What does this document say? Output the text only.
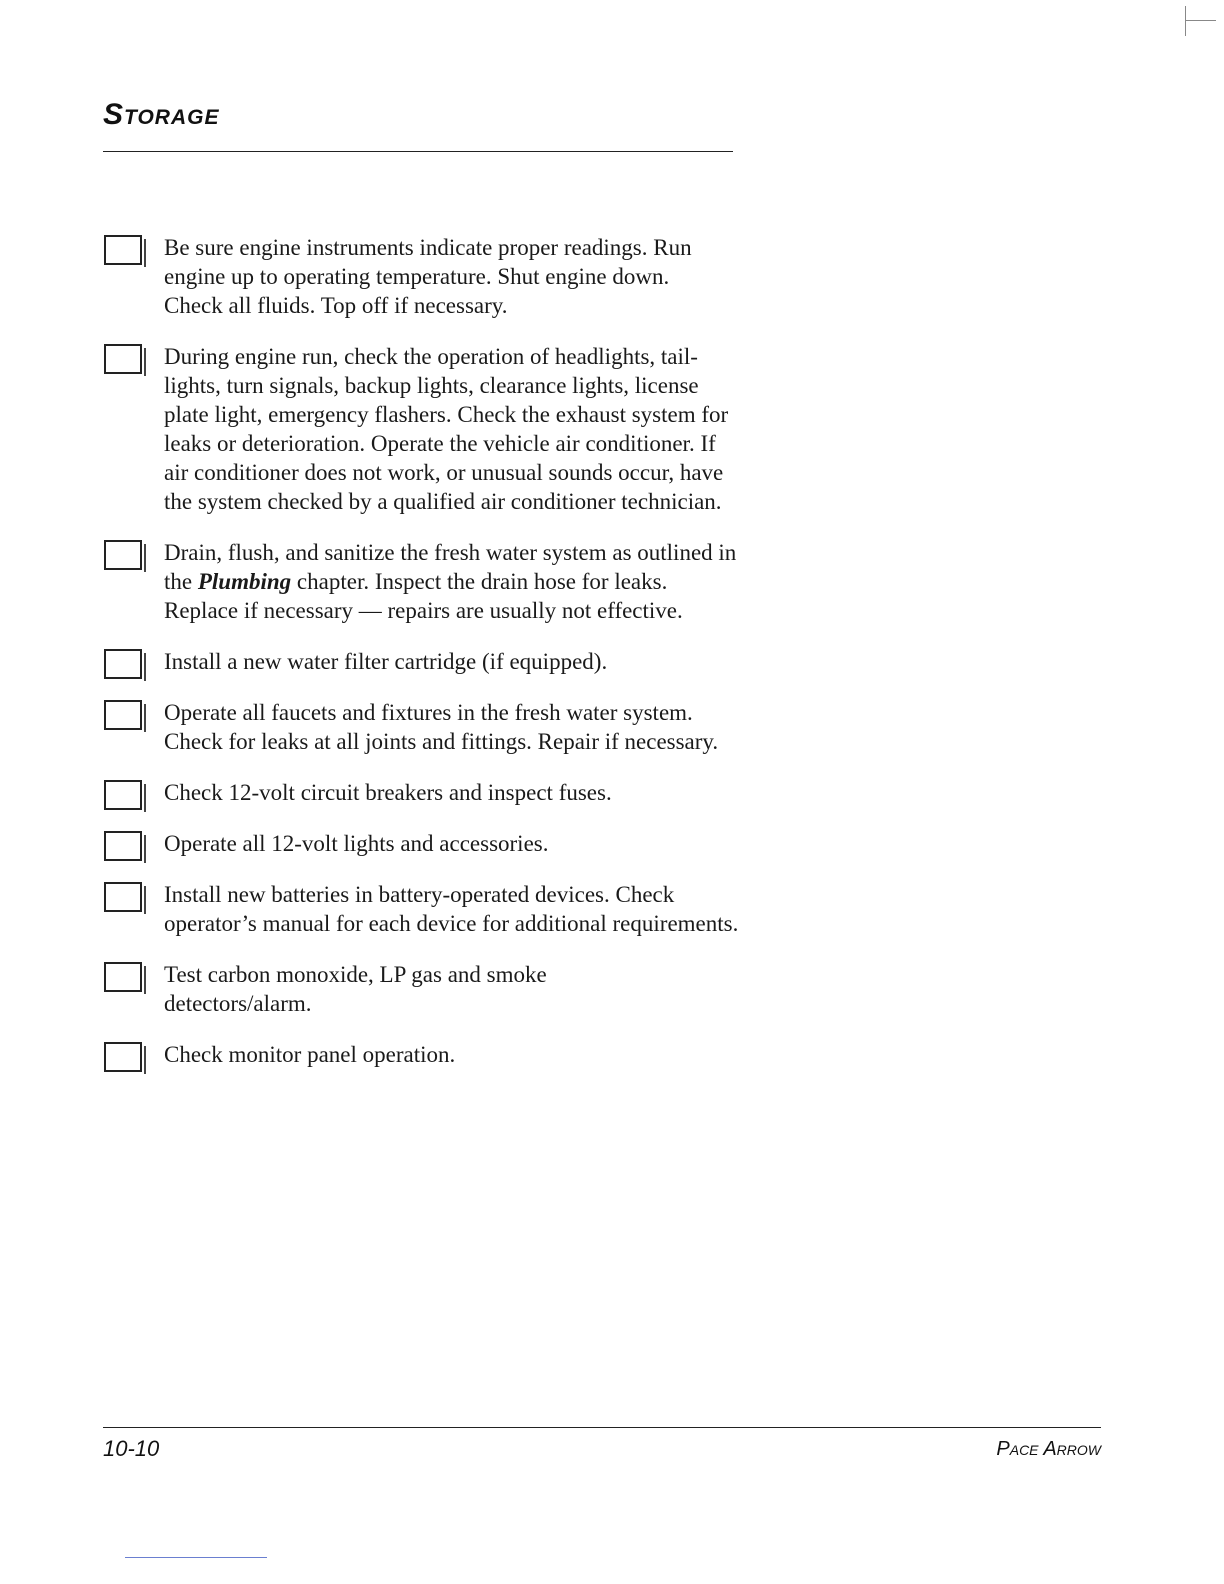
Storage

Be sure engine instruments indicate proper readings. Run engine up to operating temperature. Shut engine down. Check all fluids. Top off if necessary.

During engine run, check the operation of headlights, tail-lights, turn signals, backup lights, clearance lights, license plate light, emergency flashers. Check the exhaust system for leaks or deterioration. Operate the vehicle air conditioner. If air conditioner does not work, or unusual sounds occur, have the system checked by a qualified air conditioner technician.

Drain, flush, and sanitize the fresh water system as outlined in the Plumbing chapter. Inspect the drain hose for leaks. Replace if necessary — repairs are usually not effective.

Install a new water filter cartridge (if equipped).

Operate all faucets and fixtures in the fresh water system. Check for leaks at all joints and fittings. Repair if necessary.

Check 12-volt circuit breakers and inspect fuses.

Operate all 12-volt lights and accessories.

Install new batteries in battery-operated devices. Check operator’s manual for each device for additional requirements.

Test carbon monoxide, LP gas and smoke detectors/alarm.

Check monitor panel operation.

10-10	Pace Arrow
